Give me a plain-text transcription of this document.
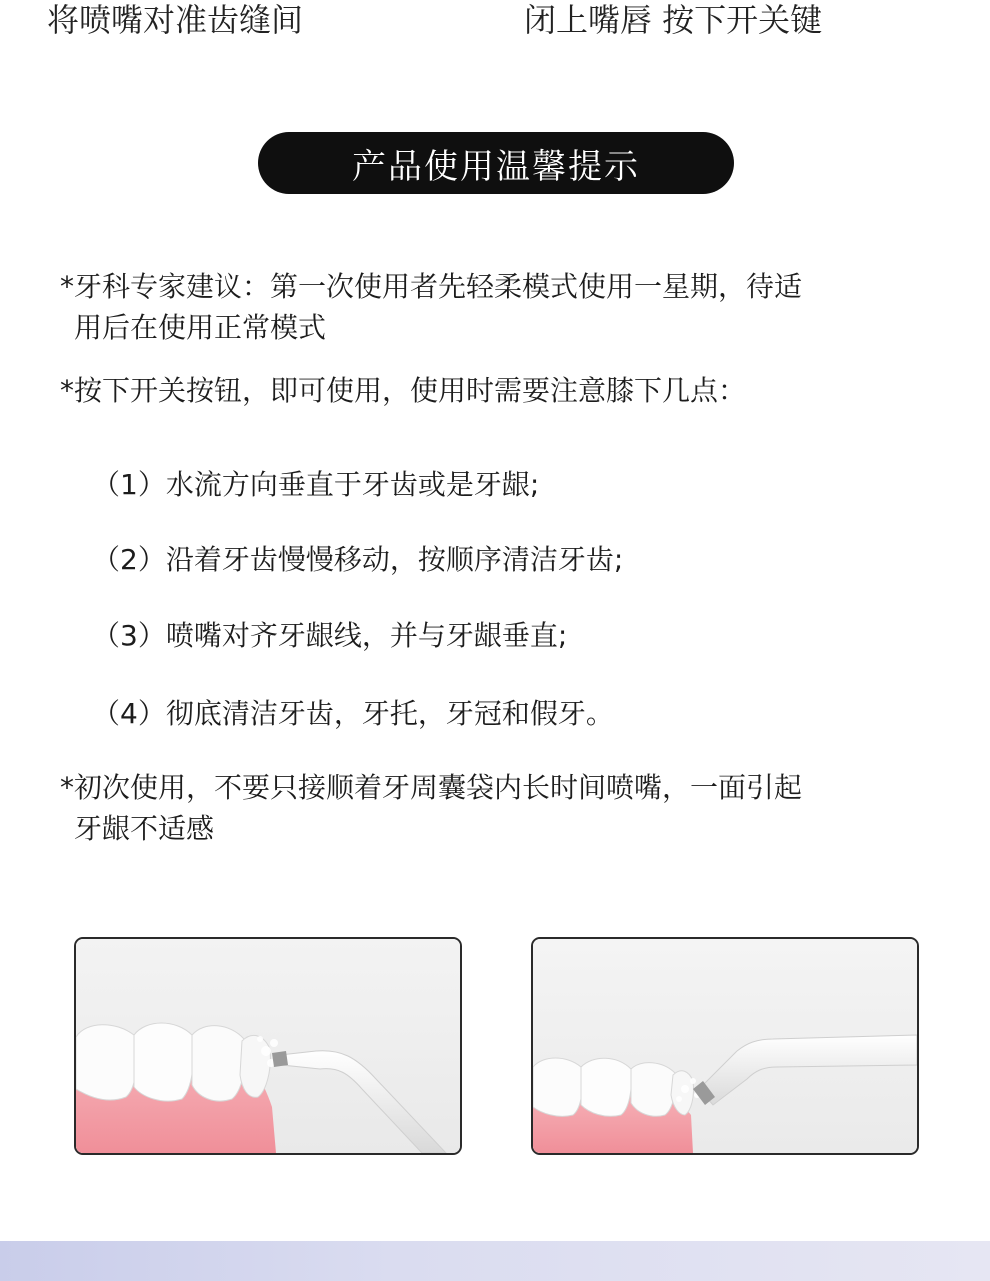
将喷嘴对准齿缝间	闭上嘴唇 按下开关键
产品使用温馨提示
*牙科专家建议：第一次使用者先轻柔模式使用一星期，待适
用后在使用正常模式
*按下开关按钮，即可使用，使用时需要注意膝下几点：
（1）水流方向垂直于牙齿或是牙龈;
（2）沿着牙齿慢慢移动，按顺序清洁牙齿;
（3）喷嘴对齐牙龈线，并与牙龈垂直;
（4）彻底清洁牙齿，牙托，牙冠和假牙。
*初次使用，不要只接顺着牙周囊袋内长时间喷嘴，一面引起
牙龈不适感
